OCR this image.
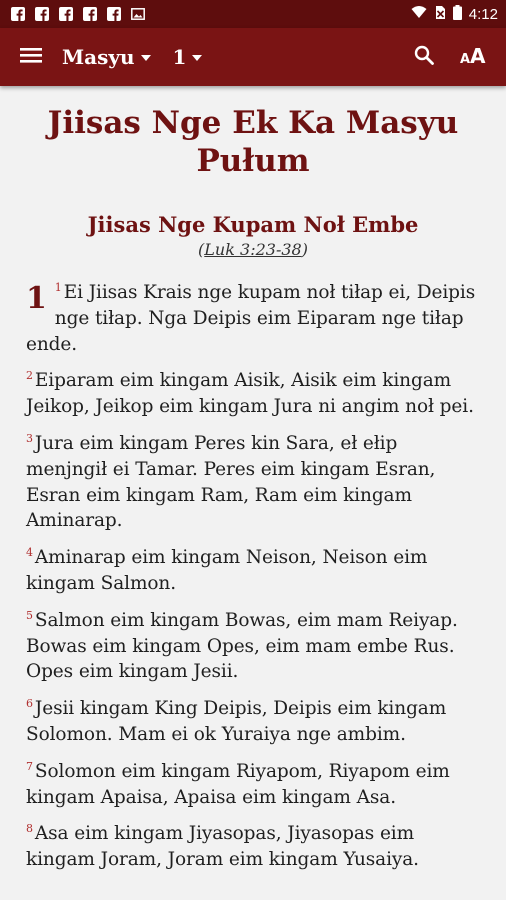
4:12
Masyu 1	A A
Jiisas Nge Ek Ka Masyu Pułum
Jiisas Nge Kupam Noł Embe
(Luk 3:23-38)

1 $^1$ Ei Jiisas Krais nge kupam noł tiłap ei, Deipis nge tiłap. Nga Deipis eim Eiparam nge tiłap ende.

$^2$ Eiparam eim kingam Aisik, Aisik eim kingam Jeikop, Jeikop eim kingam Jura ni angim noł pei.

$^3$ Jura eim kingam Peres kin Sara, eł ełip menjngił ei Tamar. Peres eim kingam Esran, Esran eim kingam Ram, Ram eim kingam Aminarap.

$^4$ Aminarap eim kingam Neison, Neison eim kingam Salmon.

$^5$ Salmon eim kingam Bowas, eim mam Reiyap. Bowas eim kingam Opes, eim mam embe Rus. Opes eim kingam Jesii.

$^6$ Jesii kingam King Deipis, Deipis eim kingam Solomon. Mam ei ok Yuraiya nge ambim.

$^7$ Solomon eim kingam Riyapom, Riyapom eim kingam Apaisa, Apaisa eim kingam Asa.

$^8$ Asa eim kingam Jiyasopas, Jiyasopas eim kingam Joram, Joram eim kingam Yusaiya.
